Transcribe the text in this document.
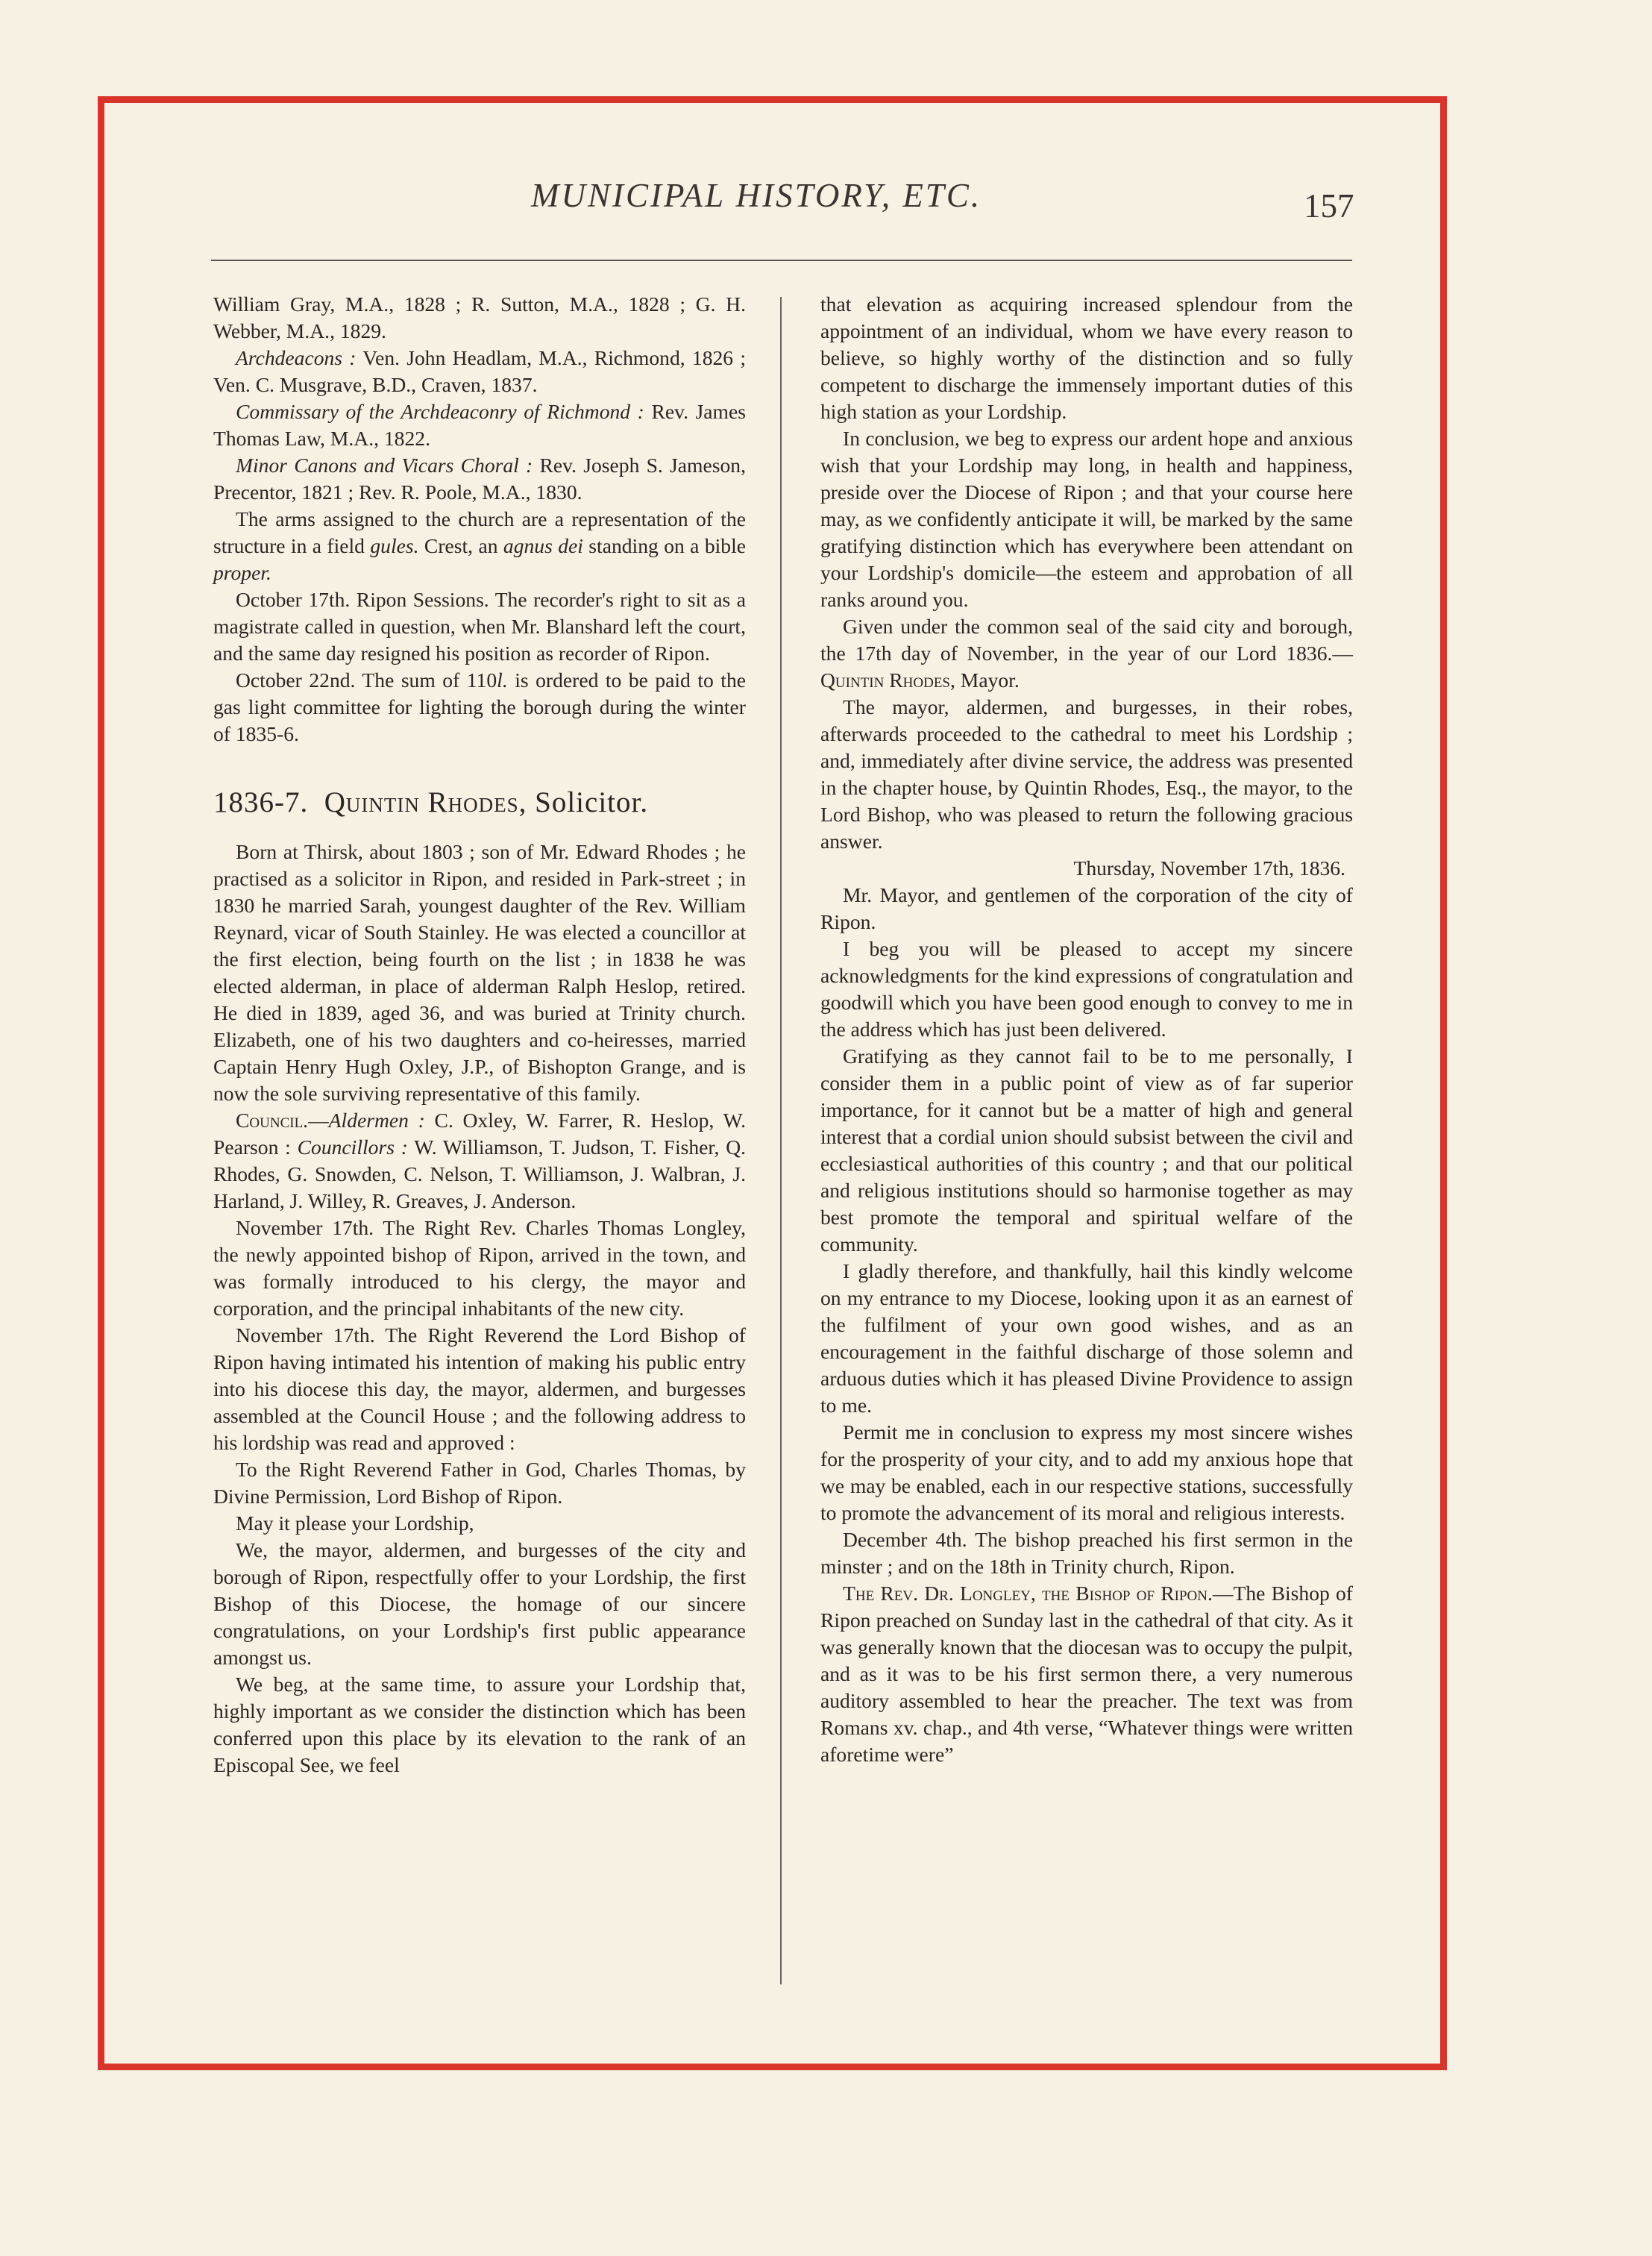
MUNICIPAL HISTORY, ETC.	157

William Gray, M.A., 1828 ; R. Sutton, M.A., 1828 ; G. H. Webber, M.A., 1829.

Archdeacons : Ven. John Headlam, M.A., Richmond, 1826 ; Ven. C. Musgrave, B.D., Craven, 1837.

Commissary of the Archdeaconry of Richmond : Rev. James Thomas Law, M.A., 1822.

Minor Canons and Vicars Choral : Rev. Joseph S. Jameson, Precentor, 1821 ; Rev. R. Poole, M.A., 1830.

The arms assigned to the church are a representation of the structure in a field gules. Crest, an agnus dei standing on a bible proper.

October 17th. Ripon Sessions. The recorder's right to sit as a magistrate called in question, when Mr. Blanshard left the court, and the same day resigned his position as recorder of Ripon.

October 22nd. The sum of 110l. is ordered to be paid to the gas light committee for lighting the borough during the winter of 1835-6.

1836-7. Quintin Rhodes, Solicitor.

Born at Thirsk, about 1803 ; son of Mr. Edward Rhodes ; he practised as a solicitor in Ripon, and resided in Park-street ; in 1830 he married Sarah, youngest daughter of the Rev. William Reynard, vicar of South Stainley. He was elected a councillor at the first election, being fourth on the list ; in 1838 he was elected alderman, in place of alderman Ralph Heslop, retired. He died in 1839, aged 36, and was buried at Trinity church. Elizabeth, one of his two daughters and co-heiresses, married Captain Henry Hugh Oxley, J.P., of Bishopton Grange, and is now the sole surviving representative of this family.

Council.—Aldermen : C. Oxley, W. Farrer, R. Heslop, W. Pearson : Councillors : W. Williamson, T. Judson, T. Fisher, Q. Rhodes, G. Snowden, C. Nelson, T. Williamson, J. Walbran, J. Harland, J. Willey, R. Greaves, J. Anderson.

November 17th. The Right Rev. Charles Thomas Longley, the newly appointed bishop of Ripon, arrived in the town, and was formally introduced to his clergy, the mayor and corporation, and the principal inhabitants of the new city.

November 17th. The Right Reverend the Lord Bishop of Ripon having intimated his intention of making his public entry into his diocese this day, the mayor, aldermen, and burgesses assembled at the Council House ; and the following address to his lordship was read and approved :

To the Right Reverend Father in God, Charles Thomas, by Divine Permission, Lord Bishop of Ripon.

May it please your Lordship,

We, the mayor, aldermen, and burgesses of the city and borough of Ripon, respectfully offer to your Lordship, the first Bishop of this Diocese, the homage of our sincere congratulations, on your Lordship's first public appearance amongst us.

We beg, at the same time, to assure your Lordship that, highly important as we consider the distinction which has been conferred upon this place by its elevation to the rank of an Episcopal See, we feel

that elevation as acquiring increased splendour from the appointment of an individual, whom we have every reason to believe, so highly worthy of the distinction and so fully competent to discharge the immensely important duties of this high station as your Lordship.

In conclusion, we beg to express our ardent hope and anxious wish that your Lordship may long, in health and happiness, preside over the Diocese of Ripon ; and that your course here may, as we confidently anticipate it will, be marked by the same gratifying distinction which has everywhere been attendant on your Lordship's domicile—the esteem and approbation of all ranks around you.

Given under the common seal of the said city and borough, the 17th day of November, in the year of our Lord 1836.—Quintin Rhodes, Mayor.

The mayor, aldermen, and burgesses, in their robes, afterwards proceeded to the cathedral to meet his Lordship ; and, immediately after divine service, the address was presented in the chapter house, by Quintin Rhodes, Esq., the mayor, to the Lord Bishop, who was pleased to return the following gracious answer.

Thursday, November 17th, 1836.

Mr. Mayor, and gentlemen of the corporation of the city of Ripon.

I beg you will be pleased to accept my sincere acknowledgments for the kind expressions of congratulation and goodwill which you have been good enough to convey to me in the address which has just been delivered.

Gratifying as they cannot fail to be to me personally, I consider them in a public point of view as of far superior importance, for it cannot but be a matter of high and general interest that a cordial union should subsist between the civil and ecclesiastical authorities of this country ; and that our political and religious institutions should so harmonise together as may best promote the temporal and spiritual welfare of the community.

I gladly therefore, and thankfully, hail this kindly welcome on my entrance to my Diocese, looking upon it as an earnest of the fulfilment of your own good wishes, and as an encouragement in the faithful discharge of those solemn and arduous duties which it has pleased Divine Providence to assign to me.

Permit me in conclusion to express my most sincere wishes for the prosperity of your city, and to add my anxious hope that we may be enabled, each in our respective stations, successfully to promote the advancement of its moral and religious interests.

December 4th. The bishop preached his first sermon in the minster ; and on the 18th in Trinity church, Ripon.

The Rev. Dr. Longley, the Bishop of Ripon.—The Bishop of Ripon preached on Sunday last in the cathedral of that city. As it was generally known that the diocesan was to occupy the pulpit, and as it was to be his first sermon there, a very numerous auditory assembled to hear the preacher. The text was from Romans xv. chap., and 4th verse, “Whatever things were written aforetime were”
